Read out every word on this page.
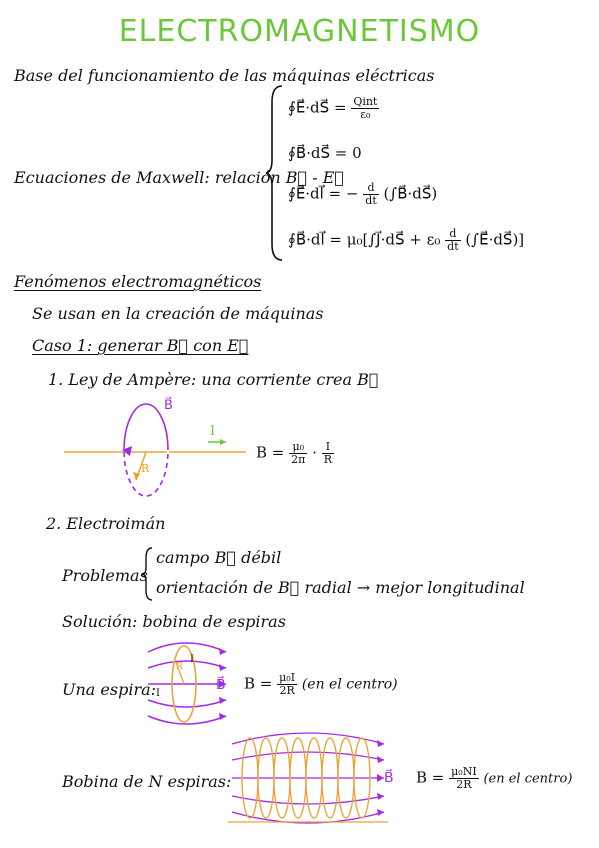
ELECTROMAGNETISMO
Base del funcionamiento de las máquinas eléctricas
Ecuaciones de Maxwell: relación B⃗ - E⃗
∮E⃗·dS⃗ = $\frac{\text{Qint}}{\text{ε₀}}$
∮B⃗·dS⃗ = 0
∮E⃗·dl⃗ = − $\frac{d}{dt}$ (∫B⃗·dS⃗)
∮B⃗·dl⃗ = μ₀[∫J⃗·dS⃗ + $\varepsilon_0 \frac{d}{dt}$ (∫E⃗·dS⃗)]
Fenómenos electromagnéticos
Se usan en la creación de máquinas
Caso 1: generar B⃗ con E⃗
1. Ley de Ampère: una corriente crea B⃗
B⃗
I
R
$B = \frac{\text{μ₀}}{2\pi} \cdot \frac{I}{R}$
2. Electroimán
Problemas
campo B⃗ débil
orientación de B⃗ radial → mejor longitudinal
Solución: bobina de espiras
Una espira:
I
I
R
B⃗ $B = \frac{\text{μ₀I}}{2R} (en$ el centro)
Bobina de N espiras:	B⃗ $B = \frac{\text{μ₀NI}}{2R} (en$ el centro)
